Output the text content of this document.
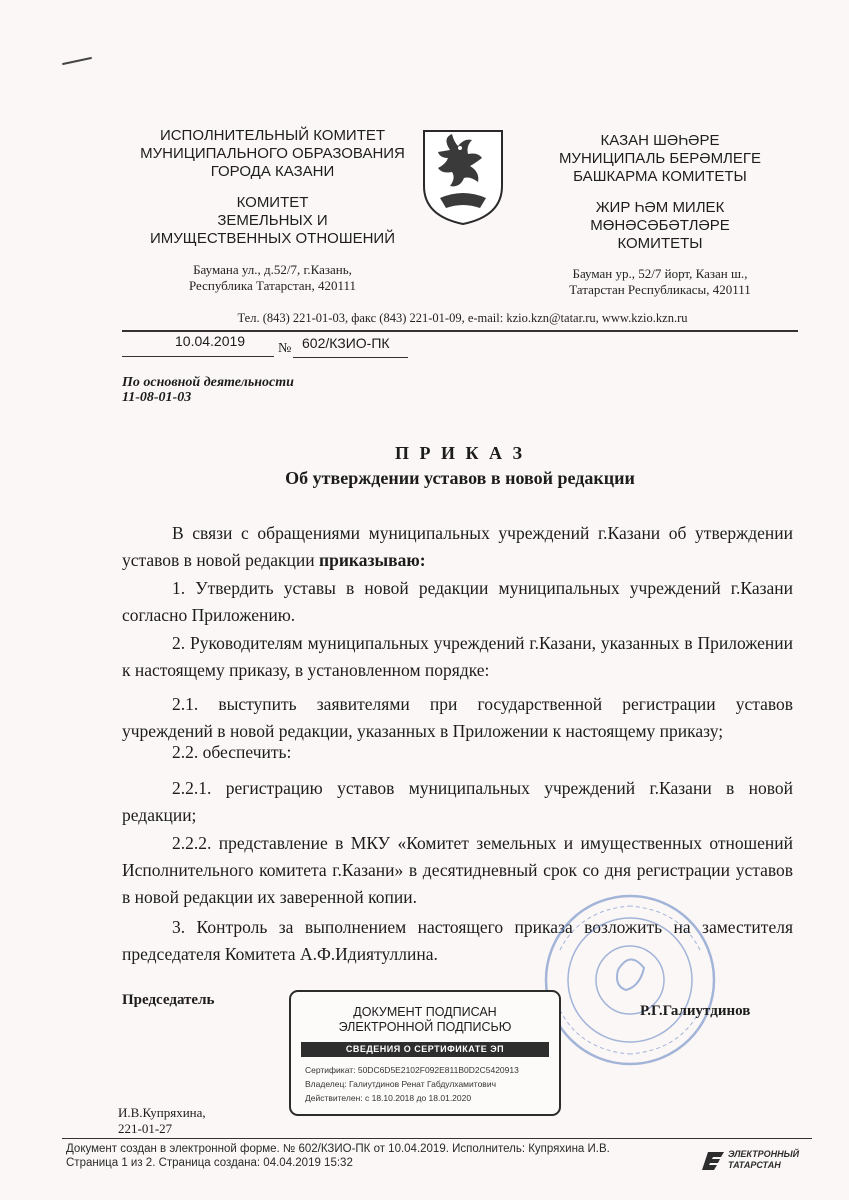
ИСПОЛНИТЕЛЬНЫЙ КОМИТЕТ
МУНИЦИПАЛЬНОГО ОБРАЗОВАНИЯ
ГОРОДА КАЗАНИ
КОМИТЕТ
ЗЕМЕЛЬНЫХ И
ИМУЩЕСТВЕННЫХ ОТНОШЕНИЙ
Баумана ул., д.52/7, г.Казань,
Республика Татарстан, 420111
КАЗАН ШӘҺӘРЕ
МУНИЦИПАЛЬ БЕРӘМЛЕГЕ
БАШКАРМА КОМИТЕТЫ
ЖИР ҺӘМ МИЛЕК
МӨНӘСӘБӘТЛӘРЕ
КОМИТЕТЫ
Бауман ур., 52/7 йорт, Казан ш.,
Татарстан Республикасы, 420111
Тел. (843) 221-01-03, факс (843) 221-01-09, e-mail: kzio.kzn@tatar.ru, www.kzio.kzn.ru
10.04.2019 № 602/КЗИО-ПК
По основной деятельности
11-08-01-03
П Р И К А З
Об утверждении уставов в новой редакции
В связи с обращениями муниципальных учреждений г.Казани об утверждении уставов в новой редакции приказываю:
1. Утвердить уставы в новой редакции муниципальных учреждений г.Казани согласно Приложению.
2. Руководителям муниципальных учреждений г.Казани, указанных в Приложении к настоящему приказу, в установленном порядке:
2.1. выступить заявителями при государственной регистрации уставов учреждений в новой редакции, указанных в Приложении к настоящему приказу;
2.2. обеспечить:
2.2.1. регистрацию уставов муниципальных учреждений г.Казани в новой редакции;
2.2.2. представление в МКУ «Комитет земельных и имущественных отношений Исполнительного комитета г.Казани» в десятидневный срок со дня регистрации уставов в новой редакции их заверенной копии.
3. Контроль за выполнением настоящего приказа возложить на заместителя председателя Комитета А.Ф.Идиятуллина.
Председатель
Р.Г.Галиутдинов
ДОКУМЕНТ ПОДПИСАН
ЭЛЕКТРОННОЙ ПОДПИСЬЮ
СВЕДЕНИЯ О СЕРТИФИКАТЕ ЭП
Сертификат: 50DC6D5E2102F092E811B0D2C5420913
Владелец: Галиутдинов Ренат Габдулхамитович
Действителен: с 18.10.2018 до 18.01.2020
И.В.Купряхина,
221-01-27
Документ создан в электронной форме. № 602/КЗИО-ПК от 10.04.2019. Исполнитель: Купряхина И.В.
Страница 1 из 2. Страница создана: 04.04.2019 15:32
ЭЛЕКТРОННЫЙ
ТАТАРСТАН
